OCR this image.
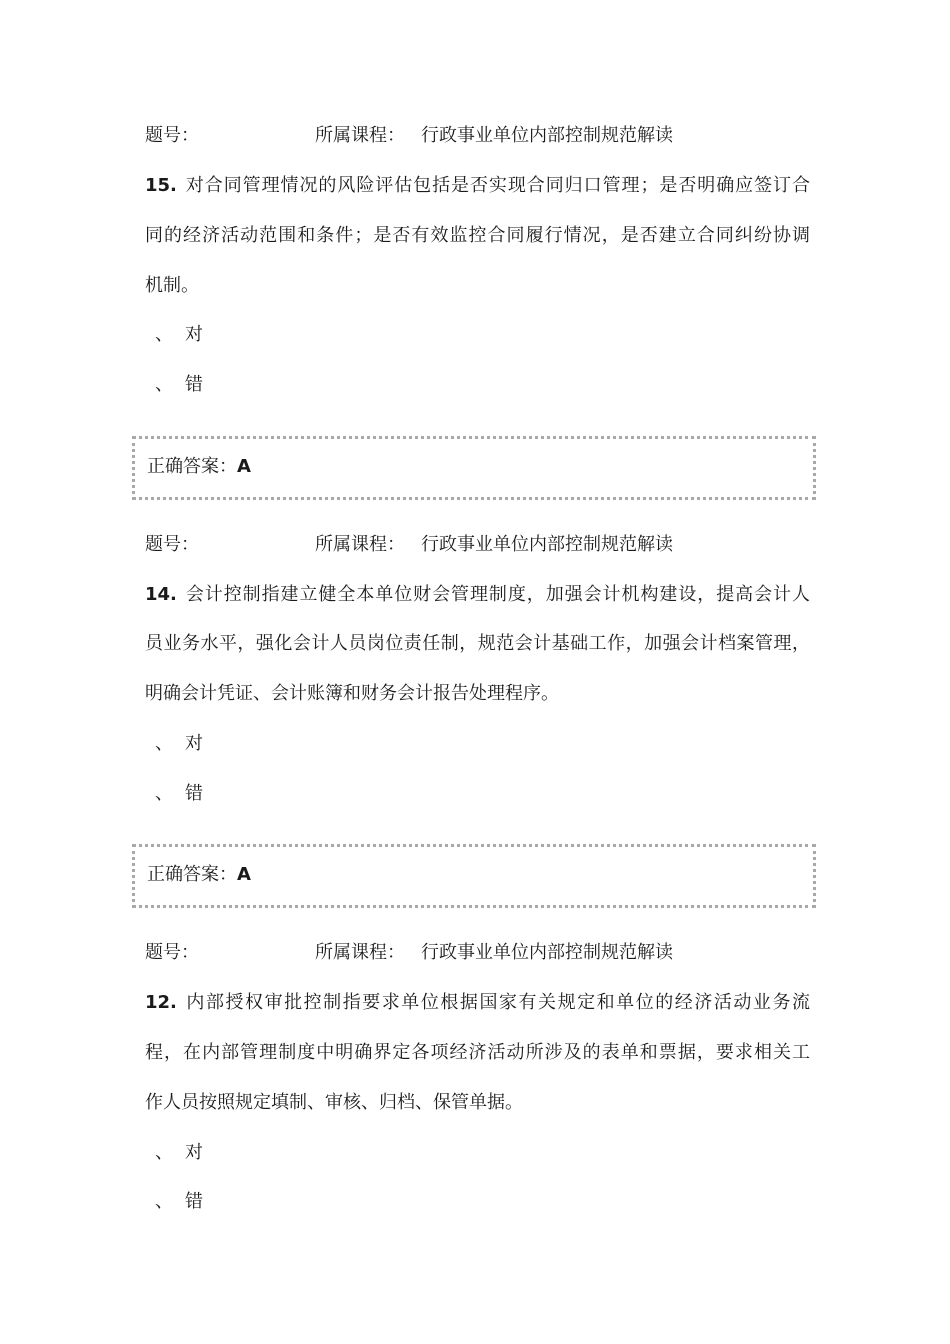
题号：	所属课程： 行政事业单位内部控制规范解读
15. 对合同管理情况的风险评估包括是否实现合同归口管理；是否明确应签订合
同的经济活动范围和条件；是否有效监控合同履行情况，是否建立合同纠纷协调
机制。
、 对
、 错
正确答案：A
题号：	所属课程： 行政事业单位内部控制规范解读
14. 会计控制指建立健全本单位财会管理制度，加强会计机构建设，提高会计人
员业务水平，强化会计人员岗位责任制，规范会计基础工作，加强会计档案管理，
明确会计凭证、会计账簿和财务会计报告处理程序。
、 对
、 错
正确答案：A
题号：	所属课程： 行政事业单位内部控制规范解读
12. 内部授权审批控制指要求单位根据国家有关规定和单位的经济活动业务流
程，在内部管理制度中明确界定各项经济活动所涉及的表单和票据，要求相关工
作人员按照规定填制、审核、归档、保管单据。
、 对
、 错
